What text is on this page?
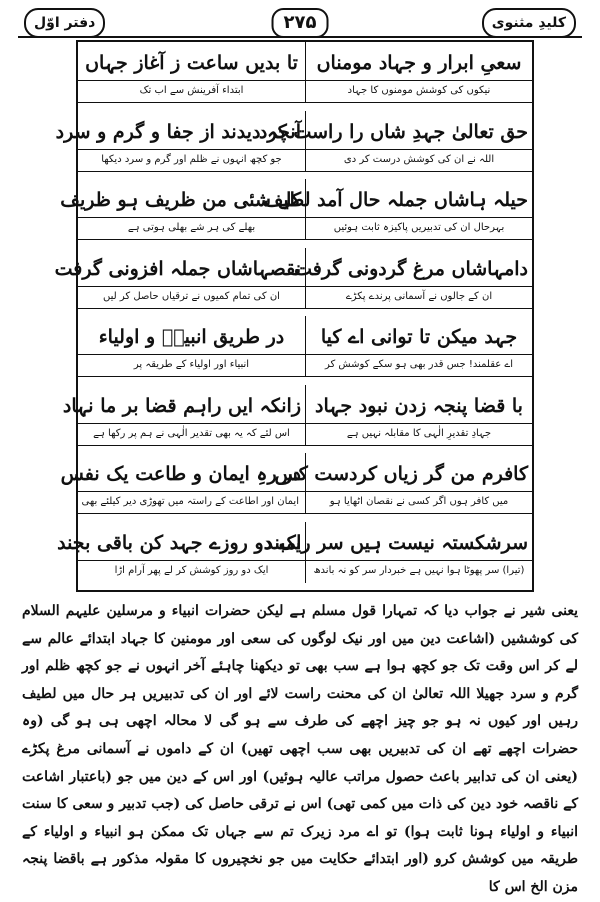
دفتر اوّل	۲۷۵	کلیدِ مثنوی
سعیِ ابرار و جہاد مومناں
نیکوں کی کوشش مومنوں کا جہاد
تا بدیں ساعت ز آغاز جہاں
ابتداء آفرینش سے اب تک
حق تعالیٰ جہدِ شاں را راست کرد
اللہ نے ان کی کوشش درست کر دی
آنچہ دیدند از جفا و گرم و سرد
جو کچھ انہوں نے ظلم اور گرم و سرد دیکھا
حیلہ ہاشاں جملہ حال آمد لطیف
بہرحال ان کی تدبیریں پاکیزہ ثابت ہوئیں
کل شئی من ظریف ہو ظریف
بھلے کی ہر شے بھلی ہوتی ہے
دامہاشاں مرغ گردونی گرفت
ان کے جالوں نے آسمانی پرندے پکڑے
نقصہاشاں جملہ افزونی گرفت
ان کی تمام کمیوں نے ترقیاں حاصل کر لیں
جہد میکن تا توانی اے کیا
اے عقلمند! جس قدر بھی ہو سکے کوشش کر
در طریق انبیاؑ و اولیاء
انبیاء اور اولیاء کے طریقہ پر
با قضا پنجہ زدن نبود جہاد
جہادِ تقدیرِ الٰہی کا مقابلہ نہیں ہے
زانکہ ایں راہم قضا بر ما نہاد
اس لئے کہ یہ بھی تقدیر الٰہی نے ہم پر رکھا ہے
کافرم من گر زیاں کردست کس
میں کافر ہوں اگر کسی نے نقصان اٹھایا ہو
در رہِ ایمان و طاعت یک نفس
ایمان اور اطاعت کے راستہ میں تھوڑی دیر کیلئے بھی
سرشکستہ نیست ہیں سر رامبند
(تیرا) سر پھوٹا ہوا نہیں ہے خبردار سر کو نہ باندھ
یک دو روزے جہد کن باقی بجند
ایک دو روز کوشش کر لے پھر آرام اڑا

یعنی شیر نے جواب دیا کہ تمہارا قول مسلم ہے لیکن حضرات انبیاء و مرسلین علیہم السلام کی کوششیں (اشاعت دین میں اور نیک لوگوں کی سعی اور مومنین کا جہاد ابتدائے عالم سے لے کر اس وقت تک جو کچھ ہوا ہے سب بھی تو دیکھنا چاہئے آخر انہوں نے جو کچھ ظلم اور گرم و سرد جھیلا اللہ تعالیٰ ان کی محنت راست لائے اور ان کی تدبیریں ہر حال میں لطیف رہیں اور کیوں نہ ہو جو چیز اچھے کی طرف سے ہو گی لا محالہ اچھی ہی ہو گی (وہ حضرات اچھے تھے ان کی تدبیریں بھی سب اچھی تھیں) ان کے داموں نے آسمانی مرغ پکڑے (یعنی ان کی تدابیر باعث حصول مراتب عالیہ ہوئیں) اور اس کے دین میں جو (باعتبار اشاعت کے ناقصہ خود دین کی ذات میں کمی تھی) اس نے ترقی حاصل کی (جب تدبیر و سعی کا سنت انبیاء و اولیاء ہونا ثابت ہوا) تو اے مرد زیرک تم سے جہاں تک ممکن ہو انبیاء و اولیاء کے طریقہ میں کوشش کرو (اور ابتدائے حکایت میں جو نخچیروں کا مقولہ مذکور ہے باقضا پنجہ مزن الخ اس کا
